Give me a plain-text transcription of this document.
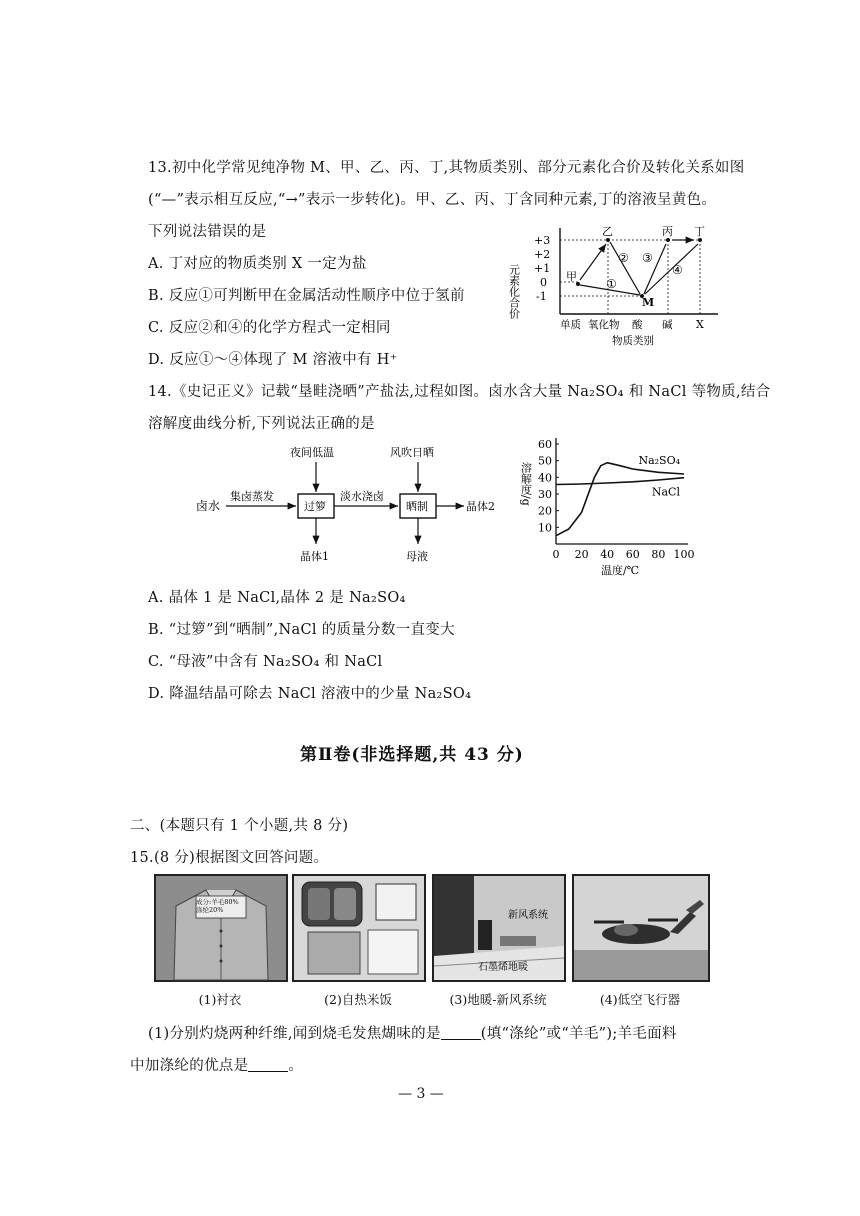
13.初中化学常见纯净物 M、甲、乙、丙、丁,其物质类别、部分元素化合价及转化关系如图
(“—”表示相互反应,“→”表示一步转化)。甲、乙、丙、丁含同种元素,丁的溶液呈黄色。
下列说法错误的是
A. 丁对应的物质类别 X 一定为盐
B. 反应①可判断甲在金属活动性顺序中位于氢前
C. 反应②和④的化学方程式一定相同
D. 反应①～④体现了 M 溶液中有 H⁺
元素化合价
+3
+2
+1
0
-1
甲
乙	丙 丁
M
①
② ③
④
单质 氧化物 酸 碱 X
物质类别
14.《史记正义》记载“垦畦浇晒”产盐法,过程如图。卤水含大量 Na₂SO₄ 和 NaCl 等物质,结合
溶解度曲线分析,下列说法正确的是
卤水
集卤蒸发
过箩
夜间低温
晶体1
淡水浇卤
晒制
风吹日晒
母液
晶体2
10
20
30
40
50
60
0 20 40 60 80 100
溶解度/g
温度/℃
Na₂SO₄
NaCl
A. 晶体 1 是 NaCl,晶体 2 是 Na₂SO₄
B. “过箩”到“晒制”,NaCl 的质量分数一直变大
C. “母液”中含有 Na₂SO₄ 和 NaCl
D. 降温结晶可除去 NaCl 溶液中的少量 Na₂SO₄
第Ⅱ卷(非选择题,共 43 分)
二、(本题只有 1 个小题,共 8 分)
15.(8 分)根据图文回答问题。
成分:羊毛80% 涤纶20%	新风系统
石墨烯地暖
(1)衬衣	(2)自热米饭	(3)地暖-新风系统	(4)低空飞行器
(1)分别灼烧两种纤维,闻到烧毛发焦煳味的是	(填“涤纶”或“羊毛”);羊毛面料
中加涤纶的优点是	。
— 3 —
